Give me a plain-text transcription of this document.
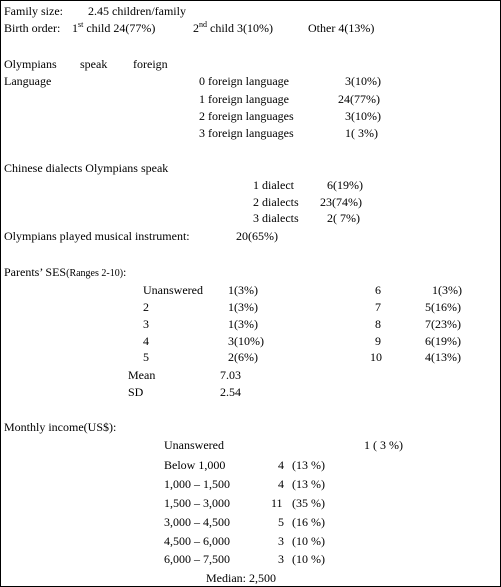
Family size: 2.45 children/family
Birth order: 1st child 24(77%)	2nd child 3(10%)	Other 4(13%)
Olympians speak foreign
Language	0 foreign language	3(10%)
1 foreign language	24(77%)
2 foreign languages	3(10%)
3 foreign languages	1( 3%)
Chinese dialects Olympians speak
1 dialect	6(19%)
2 dialects 23(74%)
3 dialects 2( 7%)
Olympians played musical instrument:	20(65%)
Parents’ SES(Ranges 2-10):
Unanswered 1(3%)
2	1(3%)
3	1(3%)
4	3(10%)
5	2(6%)
6	1(3%)
7	5(16%)
8	7(23%)
9	6(19%)
10	4(13%)
Mean	7.03
SD	2.54
Monthly income(US$):
Unanswered	1 ( 3 %)
Below 1,000	4 (13 %)
1,000 – 1,500	4 (13 %)
1,500 – 3,000	11 (35 %)
3,000 – 4,500	5 (16 %)
4,500 – 6,000	3 (10 %)
6,000 – 7,500	3 (10 %)
Median: 2,500
